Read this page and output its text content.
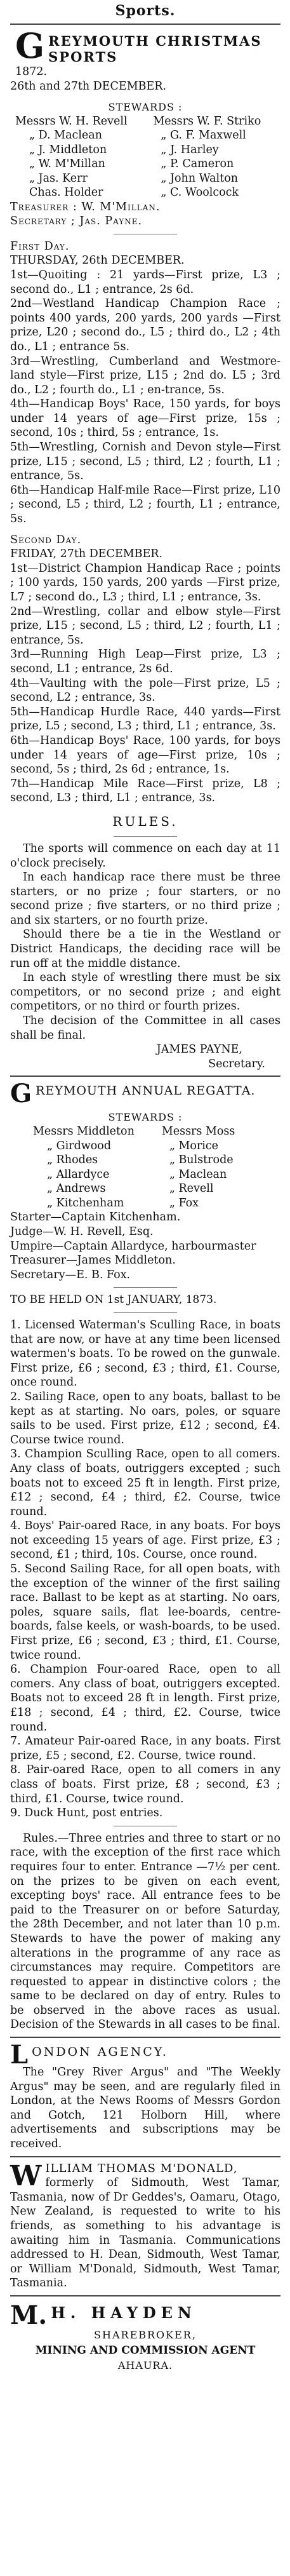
Sports.
G REYMOUTH CHRISTMAS SPORTS
1872.
26th and 27th DECEMBER.
STEWARDS :
Messrs W. H. Revell
„ D. Maclean
„ J. Middleton
„ W. M'Millan
„ Jas. Kerr
Chas. Holder
Messrs W. F. Striko
„ G. F. Maxwell
„ J. Harley
„ P. Cameron
„ John Walton
„ C. Woolcock
Treasurer : W. M'Millan.
Secretary ; Jas. Payne.
First Day.
THURSDAY, 26th DECEMBER.
1st—Quoiting : 21 yards—First prize, L3 ; second do., L1 ; entrance, 2s 6d.
2nd—Westland Handicap Champion Race ; points 400 yards, 200 yards, 200 yards —First prize, L20 ; second do., L5 ; third do., L2 ; 4th do., L1 ; entrance 5s.
3rd—Wrestling, Cumberland and Westmore-land style—First prize, L15 ; 2nd do. L5 ; 3rd do., L2 ; fourth do., L1 ; en-trance, 5s.
4th—Handicap Boys' Race, 150 yards, for boys under 14 years of age—First prize, 15s ; second, 10s ; third, 5s ; entrance, 1s.
5th—Wrestling, Cornish and Devon style—First prize, L15 ; second, L5 ; third, L2 ; fourth, L1 ; entrance, 5s.
6th—Handicap Half-mile Race—First prize, L10 ; second, L5 ; third, L2 ; fourth, L1 ; entrance, 5s.
Second Day.
FRIDAY, 27th DECEMBER.
1st—District Champion Handicap Race ; points ; 100 yards, 150 yards, 200 yards —First prize, L7 ; second do., L3 ; third, L1 ; entrance, 3s.
2nd—Wrestling, collar and elbow style—First prize, L15 ; second, L5 ; third, L2 ; fourth, L1 ; entrance, 5s.
3rd—Running High Leap—First prize, L3 ; second, L1 ; entrance, 2s 6d.
4th—Vaulting with the pole—First prize, L5 ; second, L2 ; entrance, 3s.
5th—Handicap Hurdle Race, 440 yards—First prize, L5 ; second, L3 ; third, L1 ; entrance, 3s.
6th—Handicap Boys' Race, 100 yards, for boys under 14 years of age—First prize, 10s ; second, 5s ; third, 2s 6d ; entrance, 1s.
7th—Handicap Mile Race—First prize, L8 ; second, L3 ; third, L1 ; entrance, 3s.
RULES.

The sports will commence on each day at 11 o'clock precisely.

In each handicap race there must be three starters, or no prize ; four starters, or no second prize ; five starters, or no third prize ; and six starters, or no fourth prize.

Should there be a tie in the Westland or District Handicaps, the deciding race will be run off at the middle distance.

In each style of wrestling there must be six competitors, or no second prize ; and eight competitors, or no third or fourth prizes.

The decision of the Committee in all cases shall be final.

JAMES PAYNE,
Secretary.
G REYMOUTH ANNUAL REGATTA.
STEWARDS :
Messrs Middleton
„ Girdwood
„ Rhodes
„ Allardyce
„ Andrews
„ Kitchenham
Messrs Moss
„ Morice
„ Bulstrode
„ Maclean
„ Revell
„ Fox
Starter—Captain Kitchenham.
Judge—W. H. Revell, Esq.
Umpire—Captain Allardyce, harbourmaster
Treasurer—James Middleton.
Secretary—E. B. Fox.
TO BE HELD ON 1st JANUARY, 1873.

1. Licensed Waterman's Sculling Race, in boats that are now, or have at any time been licensed watermen's boats. To be rowed on the gunwale. First prize, £6 ; second, £3 ; third, £1. Course, once round.

2. Sailing Race, open to any boats, ballast to be kept as at starting. No oars, poles, or square sails to be used. First prize, £12 ; second, £4. Course twice round.

3. Champion Sculling Race, open to all comers. Any class of boats, outriggers excepted ; such boats not to exceed 25 ft in length. First prize, £12 ; second, £4 ; third, £2. Course, twice round.

4. Boys' Pair-oared Race, in any boats. For boys not exceeding 15 years of age. First prize, £3 ; second, £1 ; third, 10s. Course, once round.

5. Second Sailing Race, for all open boats, with the exception of the winner of the first sailing race. Ballast to be kept as at starting. No oars, poles, square sails, flat lee-boards, centre-boards, false keels, or wash-boards, to be used. First prize, £6 ; second, £3 ; third, £1. Course, twice round.

6. Champion Four-oared Race, open to all comers. Any class of boat, outriggers excepted. Boats not to exceed 28 ft in length. First prize, £18 ; second, £4 ; third, £2. Course, twice round.

7. Amateur Pair-oared Race, in any boats. First prize, £5 ; second, £2. Course, twice round.

8. Pair-oared Race, open to all comers in any class of boats. First prize, £8 ; second, £3 ; third, £1. Course, twice round.

9. Duck Hunt, post entries.

Rules.—Three entries and three to start or no race, with the exception of the first race which requires four to enter. Entrance —7½ per cent. on the prizes to be given on each event, excepting boys' race. All entrance fees to be paid to the Treasurer on or before Saturday, the 28th December, and not later than 10 p.m. Stewards to have the power of making any alterations in the programme of any race as circumstances may require. Competitors are requested to appear in distinctive colors ; the same to be declared on day of entry. Rules to be observed in the above races as usual. Decision of the Stewards in all cases to be final.

L ONDON AGENCY.

The "Grey River Argus" and "The Weekly Argus" may be seen, and are regularly filed in London, at the News Rooms of Messrs Gordon and Gotch, 121 Holborn Hill, where advertisements and subscriptions may be received.

W ILLIAM THOMAS M'DONALD,

formerly of Sidmouth, West Tamar, Tasmania, now of Dr Geddes's, Oamaru, Otago, New Zealand, is requested to write to his friends, as something to his advantage is awaiting him in Tasmania. Communications addressed to H. Dean, Sidmouth, West Tamar, or William M'Donald, Sidmouth, West Tamar, Tasmania.

M. H. HAYDEN
SHAREBROKER,
MINING AND COMMISSION AGENT
AHAURA.
